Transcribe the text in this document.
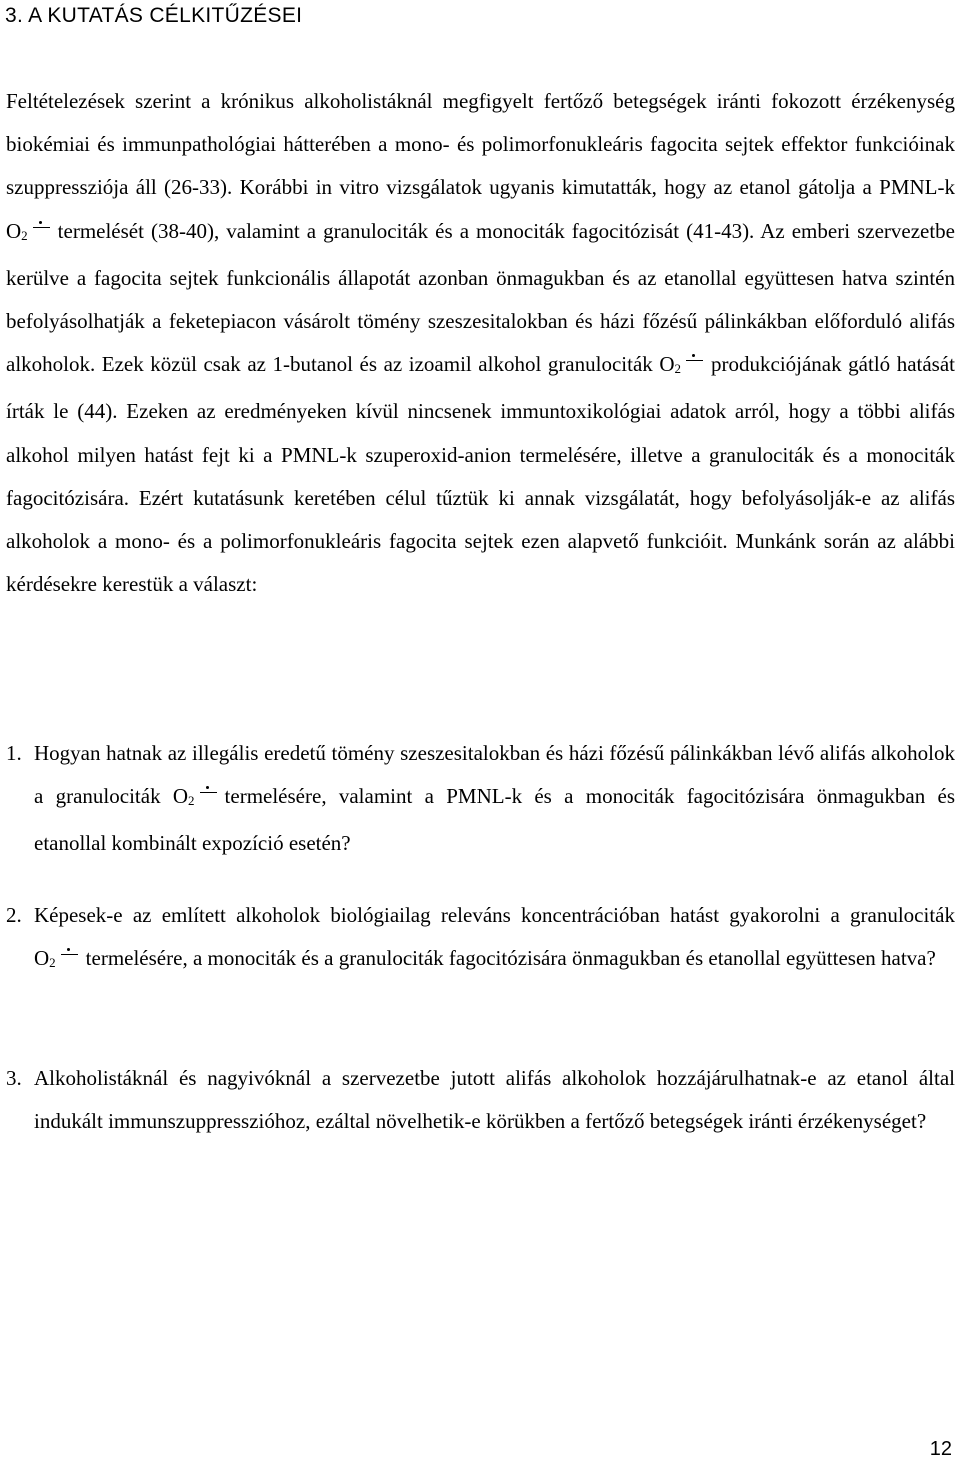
3. A KUTATÁS CÉLKITŰZÉSEI

Feltételezések szerint a krónikus alkoholistáknál megfigyelt fertőző betegségek iránti fokozott érzékenység biokémiai és immunpathológiai hátterében a mono- és polimorfonukleáris fagocita sejtek effektor funkcióinak szuppressziója áll (26-33). Korábbi in vitro vizsgálatok ugyanis kimutatták, hogy az etanol gátolja a PMNL-k $O_2$ termelését (38-40), valamint a granulociták és a monociták fagocitózisát (41-43). Az emberi szervezetbe kerülve a fagocita sejtek funkcionális állapotát azonban önmagukban és az etanollal együttesen hatva szintén befolyásolhatják a feketepiacon vásárolt tömény szeszesitalokban és házi főzésű pálinkákban előforduló alifás alkoholok. Ezek közül csak az 1-butanol és az izoamil alkohol granulociták $O_2$ produkciójának gátló hatását írták le (44). Ezeken az eredményeken kívül nincsenek immuntoxikológiai adatok arról, hogy a többi alifás alkohol milyen hatást fejt ki a PMNL-k szuperoxid-anion termelésére, illetve a granulociták és a monociták fagocitózisára. Ezért kutatásunk keretében célul tűztük ki annak vizsgálatát, hogy befolyásolják-e az alifás alkoholok a mono- és a polimorfonukleáris fagocita sejtek ezen alapvető funkcióit. Munkánk során az alábbi kérdésekre kerestük a választ:

1. Hogyan hatnak az illegális eredetű tömény szeszesitalokban és házi főzésű pálinkákban lévő alifás alkoholok a granulociták $O_2$ termelésére, valamint a PMNL-k és a monociták fagocitózisára önmagukban és etanollal kombinált expozíció esetén?

2. Képesek-e az említett alkoholok biológiailag releváns koncentrációban hatást gyakorolni a granulociták $O_2$ termelésére, a monociták és a granulociták fagocitózisára önmagukban és etanollal együttesen hatva?

3. Alkoholistáknál és nagyivóknál a szervezetbe jutott alifás alkoholok hozzájárulhatnak-e az etanol által indukált immunszuppresszióhoz, ezáltal növelhetik-e körükben a fertőző betegségek iránti érzékenységet?

12
